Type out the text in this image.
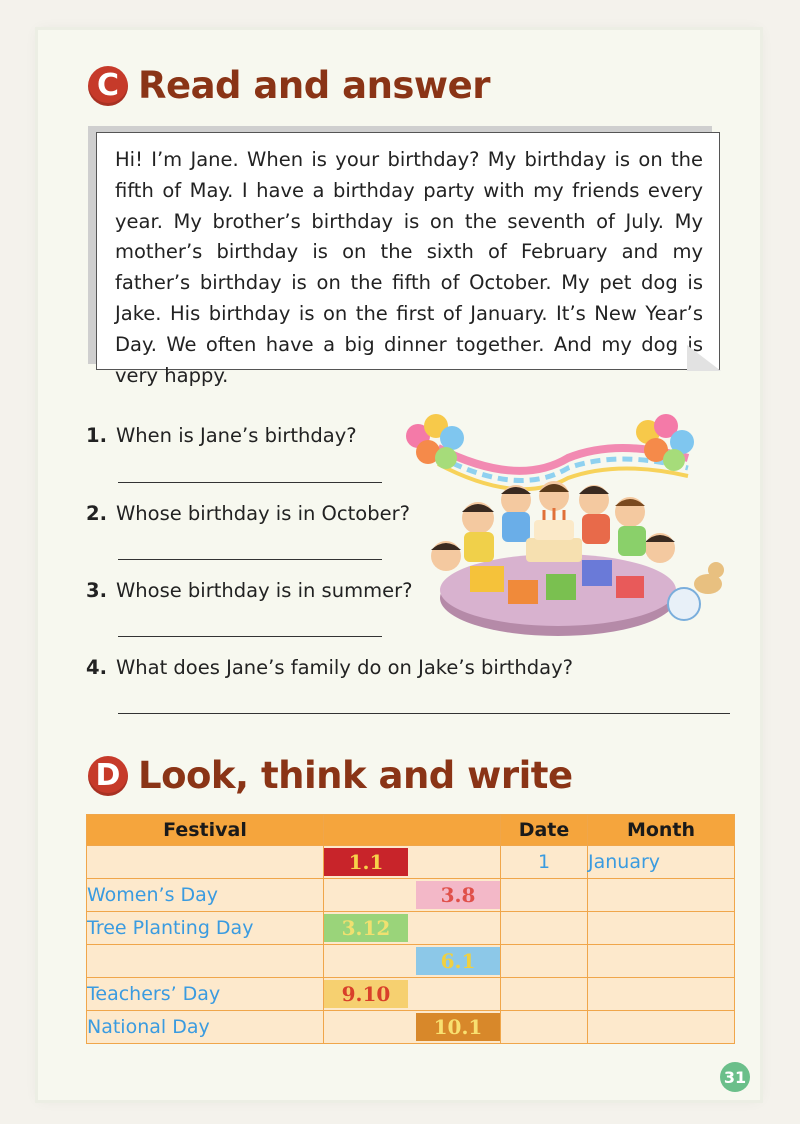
C Read and answer

Hi! I’m Jane. When is your birthday? My birthday is on the fifth of May. I have a birthday party with my friends every year. My brother’s birthday is on the seventh of July. My mother’s birthday is on the sixth of February and my father’s birthday is on the fifth of October. My pet dog is Jake. His birthday is on the first of January. It’s New Year’s Day. We often have a big dinner together. And my dog is very happy.

1. When is Jane’s birthday?
2. Whose birthday is in October?
3. Whose birthday is in summer?
4. What does Jane’s family do on Jake’s birthday?
D Look, think and write
Festival		Date	Month

	1.1	1	January
Women’s Day	3.8		

Tree Planting Day	3.12		

	6.1		

Teachers’ Day	9.10		

National Day	10.1		

31
